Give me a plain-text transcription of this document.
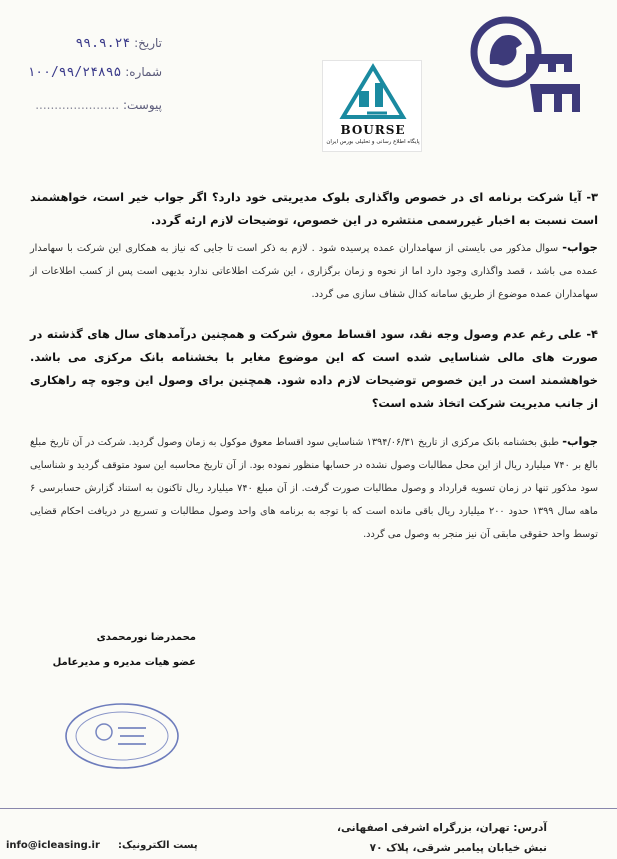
تاریخ: ۹۹.۹.۲۴
شماره: ۱۰۰/۹۹/۲۴۸۹۵
پیوست: ......................
BOURSE
پایگاه اطلاع رسانی و تحلیلی بورس ایران
۳- آیا شرکت برنامه ای در خصوص واگذاری بلوک مدیریتی خود دارد؟ اگر جواب خیر است، خواهشمند است نسبت به اخبار غیررسمی منتشره در این خصوص، توضیحات لازم ارئه گردد.
جواب- سوال مذکور می بایستی از سهامداران عمده پرسیده شود . لازم به ذکر است تا جایی که نیاز به همکاری این شرکت با سهامدار عمده می باشد ، قصد واگذاری وجود دارد اما از نحوه و زمان برگزاری ، این شرکت اطلاعاتی ندارد بدیهی است پس از کسب اطلاعات از سهامداران عمده موضوع از طریق سامانه کدال شفاف سازی می گردد.
۴- علی رغم عدم وصول وجه نقد، سود اقساط معوق شرکت و همچنین درآمدهای سال های گذشته در صورت های مالی شناسایی شده است که این موضوع مغایر با بخشنامه بانک مرکزی می باشد. خواهشمند است در این خصوص توضیحات لازم داده شود. همچنین برای وصول این وجوه چه راهکاری از جانب مدیریت شرکت اتخاذ شده است؟
جواب- طبق بخشنامه بانک مرکزی از تاریخ ۱۳۹۴/۰۶/۳۱ شناسایی سود اقساط معوق موکول به زمان وصول گردید. شرکت در آن تاریخ مبلغ بالغ بر ۷۴۰ میلیارد ریال از این محل مطالبات وصول نشده در حسابها منظور نموده بود. از آن تاریخ محاسبه این سود متوقف گردید و شناسایی سود مذکور تنها در زمان تسویه قرارداد و وصول مطالبات صورت گرفت. از آن مبلغ ۷۴۰ میلیارد ریال تاکنون به استناد گزارش حسابرسی ۶ ماهه سال ۱۳۹۹ حدود ۲۰۰ میلیارد ریال باقی مانده است که با توجه به برنامه های واحد وصول مطالبات و تسریع در دریافت احکام قضایی توسط واحد حقوقی مابقی آن نیز منجر به وصول می گردد.
محمدرضا نورمحمدی
عضو هیات مدیره و مدیرعامل
آدرس: تهران، بزرگراه اشرفی اصفهانی،
نبش خیابان پیامبر شرقی، پلاک ۷۰
پست الکترونیک:
info@icleasing.ir
